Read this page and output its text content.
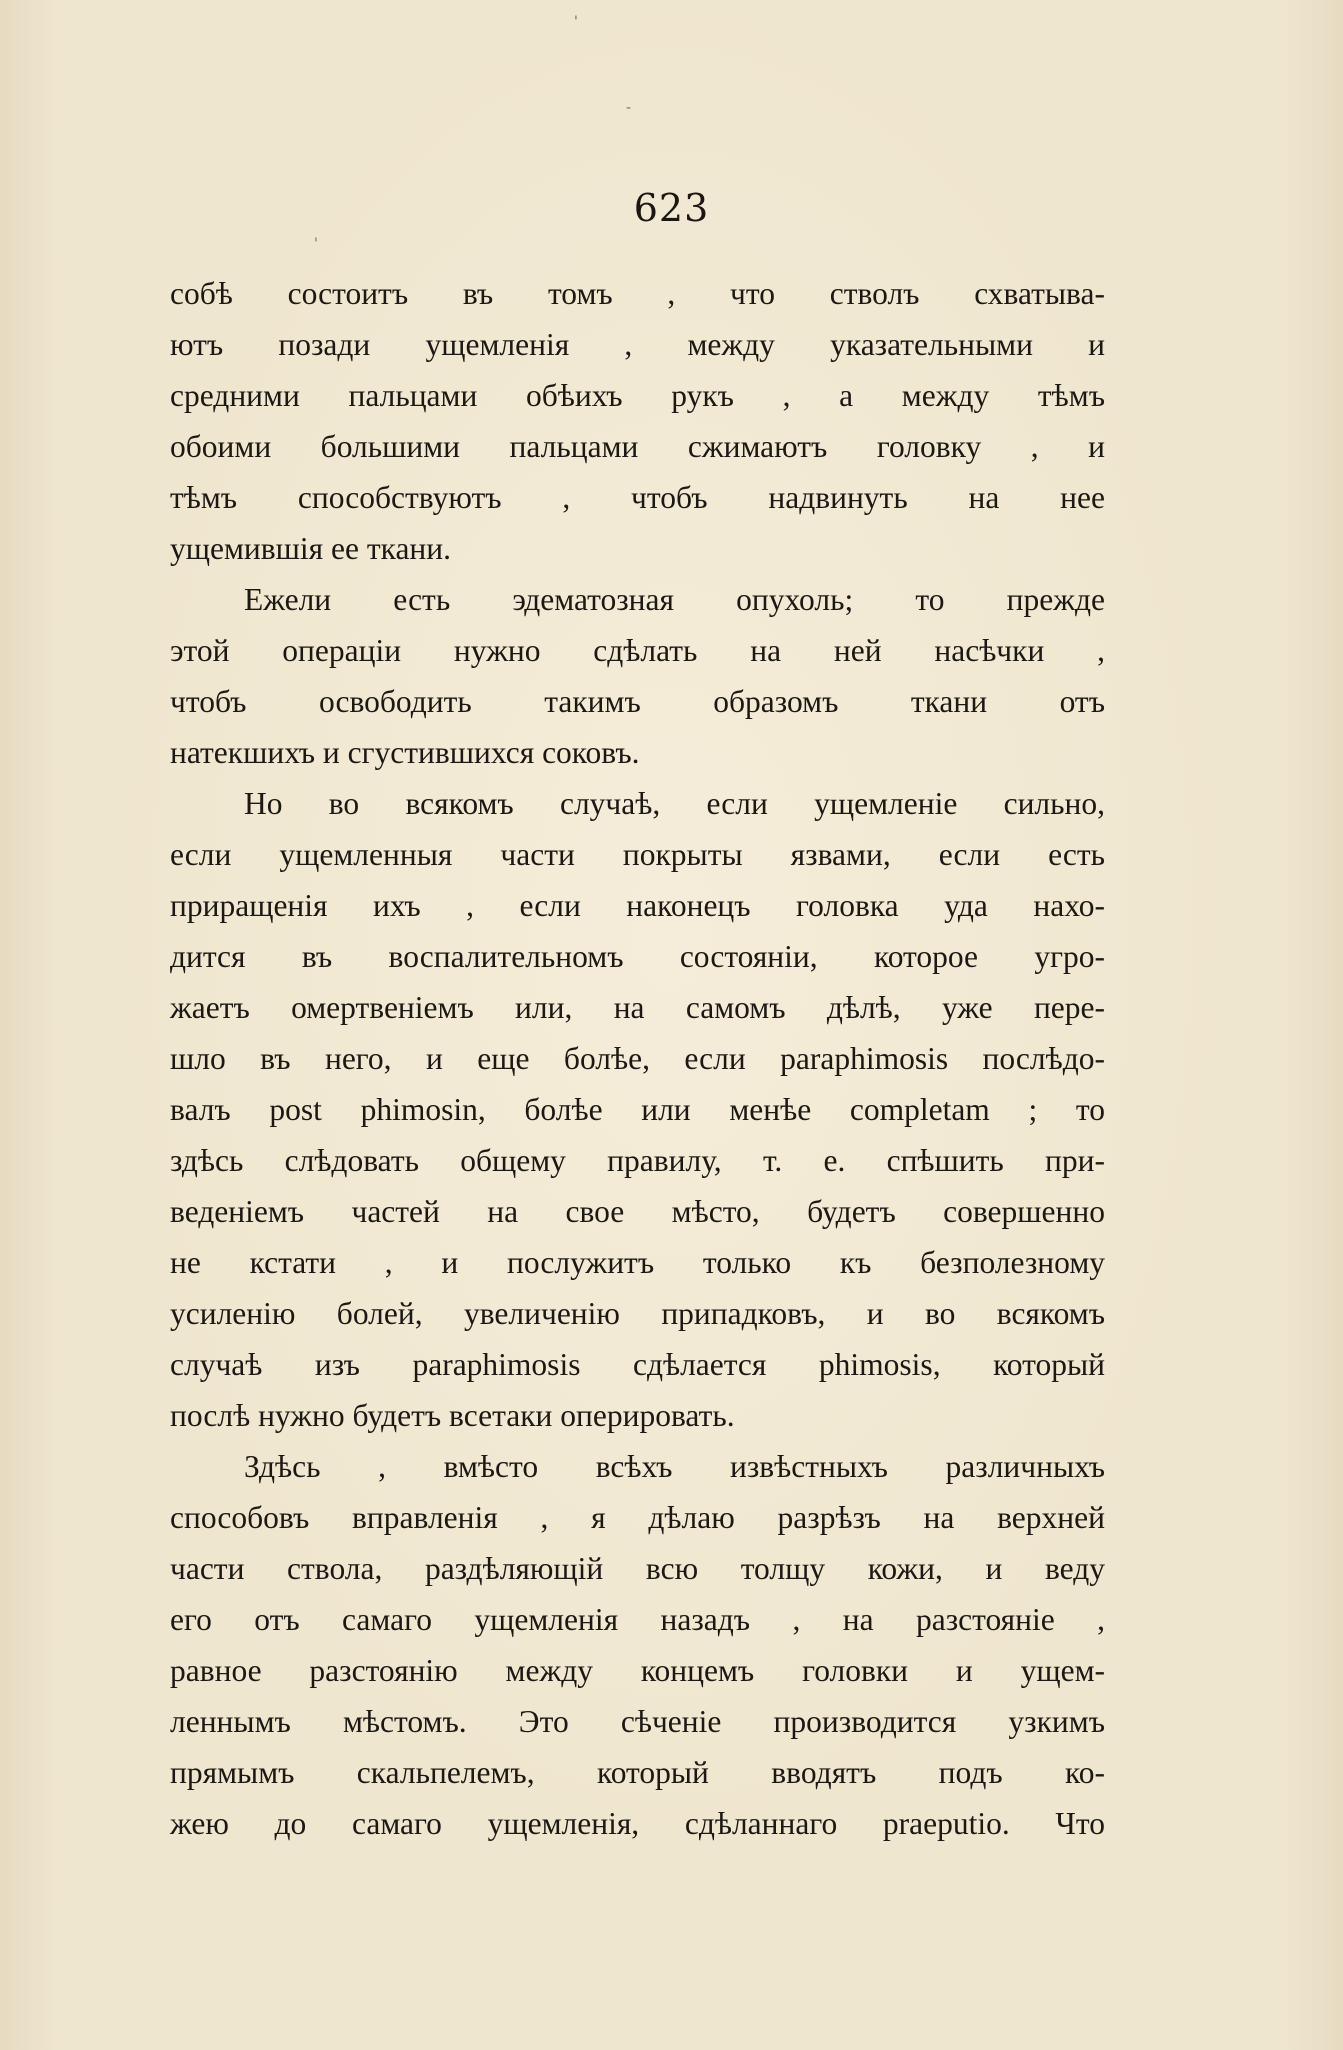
'
-
'
623
собѣ состоитъ въ томъ , что стволъ схватыва-
ютъ позади ущемленія , между указательными и
средними пальцами обѣихъ рукъ , а между тѣмъ
обоими большими пальцами сжимаютъ головку , и
тѣмъ способствуютъ , чтобъ надвинуть на нее
ущемившія ее ткани.
Ежели есть эдематозная опухоль; то прежде
этой операціи нужно сдѣлать на ней насѣчки ,
чтобъ освободить такимъ образомъ ткани отъ
натекшихъ и сгустившихся соковъ.
Но во всякомъ случаѣ, если ущемленіе сильно,
если ущемленныя части покрыты язвами, если есть
приращенія ихъ , если наконецъ головка уда нахо-
дится въ воспалительномъ состояніи, которое угро-
жаетъ омертвеніемъ или, на самомъ дѣлѣ, уже пере-
шло въ него, и еще болѣе, если paraphimosis послѣдо-
валъ post phimosin, болѣе или менѣе completam ; то
здѣсь слѣдовать общему правилу, т. е. спѣшить при-
веденіемъ частей на свое мѣсто, будетъ совершенно
не кстати , и послужитъ только къ безполезному
усиленію болей, увеличенію припадковъ, и во всякомъ
случаѣ изъ paraphimosis сдѣлается phimosis, который
послѣ нужно будетъ всетаки оперировать.
Здѣсь , вмѣсто всѣхъ извѣстныхъ различныхъ
способовъ вправленія , я дѣлаю разрѣзъ на верхней
части ствола, раздѣляющій всю толщу кожи, и веду
его отъ самаго ущемленія назадъ , на разстояніе ,
равное разстоянію между концемъ головки и ущем-
леннымъ мѣстомъ. Это сѣченіе производится узкимъ
прямымъ скальпелемъ, который вводятъ подъ ко-
жею до самаго ущемленія, сдѣланнаго praeputio. Что
